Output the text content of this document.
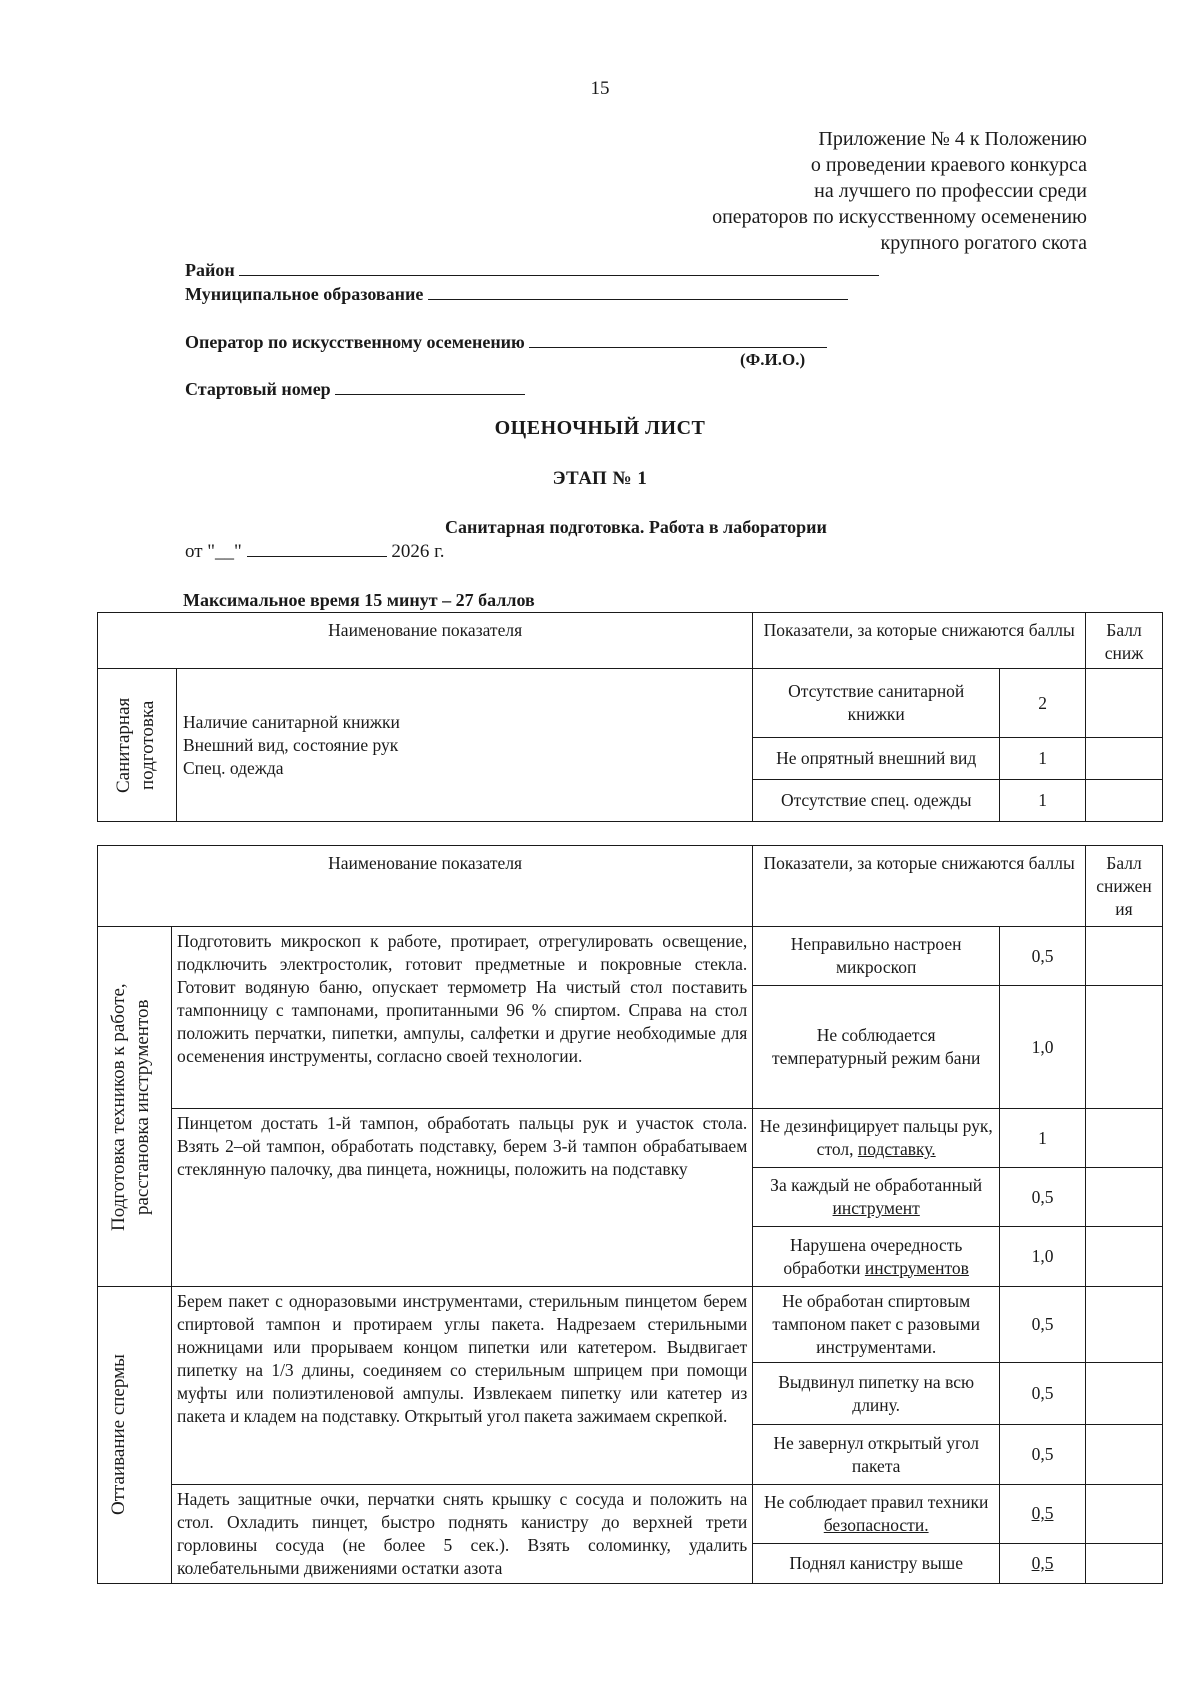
15
Приложение № 4 к Положению
о проведении краевого конкурса
на лучшего по профессии среди
операторов по искусственному осеменению
крупного рогатого скота
Район
Муниципальное образование
Оператор по искусственному осеменению
(Ф.И.О.)
Стартовый номер
ОЦЕНОЧНЫЙ ЛИСТ
ЭТАП № 1
Санитарная подготовка. Работа в лаборатории
от "__"	2026 г.
Максимальное время 15 минут – 27 баллов
Наименование показателя		Показатели, за которые снижаются баллы		Балл сниж

Санитарная подготовка	Наличие санитарной книжки
Внешний вид, состояние рук
Спец. одежда	Отсутствие санитарной книжки	2	
		Не опрятный внешний вид	1	
		Отсутствие спец. одежды	1	
Наименование показателя		Показатели, за которые снижаются баллы		Балл снижен ия

Подготовка техников к работе, расстановка инструментов	Подготовить микроскоп к работе, протирает, отрегулировать освещение, подключить электростолик, готовит предметные и покровные стекла. Готовит водяную баню, опускает термометр На чистый стол поставить тампонницу с тампонами, пропитанными 96 % спиртом. Справа на стол положить перчатки, пипетки, ампулы, салфетки и другие необходимые для осеменения инструменты, согласно своей технологии.	Неправильно настроен микроскоп	0,5	
		Не соблюдается температурный режим бани	1,0	
	Пинцетом достать 1-й тампон, обработать пальцы рук и участок стола. Взять 2–ой тампон, обработать подставку, берем 3-й тампон обрабатываем стеклянную палочку, два пинцета, ножницы, положить на подставку	Не дезинфицирует пальцы рук, стол, подставку.	1	
		За каждый не обработанный инструмент	0,5	
		Нарушена очередность обработки инструментов	1,0	

Оттаивание спермы	Берем пакет с одноразовыми инструментами, стерильным пинцетом берем спиртовой тампон и протираем углы пакета. Надрезаем стерильными ножницами или прорываем концом пипетки или катетером. Выдвигает пипетку на 1/3 длины, соединяем со стерильным шприцем при помощи муфты или полиэтиленовой ампулы. Извлекаем пипетку или катетер из пакета и кладем на подставку. Открытый угол пакета зажимаем скрепкой.	Не обработан спиртовым тампоном пакет с разовыми инструментами.	0,5	
		Выдвинул пипетку на всю длину.	0,5	
		Не завернул открытый угол пакета	0,5	
	Надеть защитные очки, перчатки снять крышку с сосуда и положить на стол. Охладить пинцет, быстро поднять канистру до верхней трети горловины сосуда (не более 5 сек.). Взять соломинку, удалить колебательными движениями остатки азота	Не соблюдает правил техники безопасности.	0,5	
		Поднял канистру выше	0,5	
